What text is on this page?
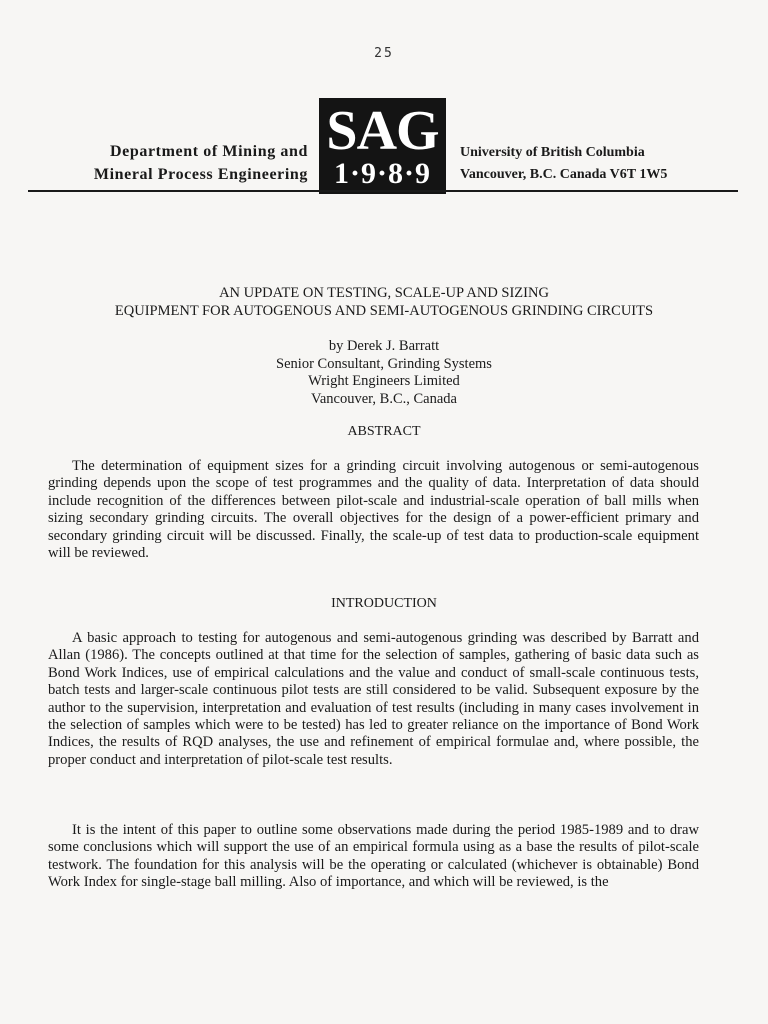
25
Department of Mining and
Mineral Process Engineering
SAG
1·9·8·9
University of British Columbia
Vancouver, B.C. Canada V6T 1W5
AN UPDATE ON TESTING, SCALE-UP AND SIZING
EQUIPMENT FOR AUTOGENOUS AND SEMI-AUTOGENOUS GRINDING CIRCUITS
by Derek J. Barratt
Senior Consultant, Grinding Systems
Wright Engineers Limited
Vancouver, B.C., Canada
ABSTRACT
The determination of equipment sizes for a grinding circuit involving autogenous or semi-autogenous grinding depends upon the scope of test programmes and the quality of data. Interpretation of data should include recognition of the differences between pilot-scale and industrial-scale operation of ball mills when sizing secondary grinding circuits. The overall objectives for the design of a power-efficient primary and secondary grinding circuit will be discussed. Finally, the scale-up of test data to production-scale equipment will be reviewed.
INTRODUCTION
A basic approach to testing for autogenous and semi-autogenous grinding was described by Barratt and Allan (1986). The concepts outlined at that time for the selection of samples, gathering of basic data such as Bond Work Indices, use of empirical calculations and the value and conduct of small-scale continuous tests, batch tests and larger-scale continuous pilot tests are still considered to be valid. Subsequent exposure by the author to the supervision, interpretation and evaluation of test results (including in many cases involvement in the selection of samples which were to be tested) has led to greater reliance on the importance of Bond Work Indices, the results of RQD analyses, the use and refinement of empirical formulae and, where possible, the proper conduct and interpretation of pilot-scale test results.
It is the intent of this paper to outline some observations made during the period 1985-1989 and to draw some conclusions which will support the use of an empirical formula using as a base the results of pilot-scale testwork. The foundation for this analysis will be the operating or calculated (whichever is obtainable) Bond Work Index for single-stage ball milling. Also of importance, and which will be reviewed, is the
